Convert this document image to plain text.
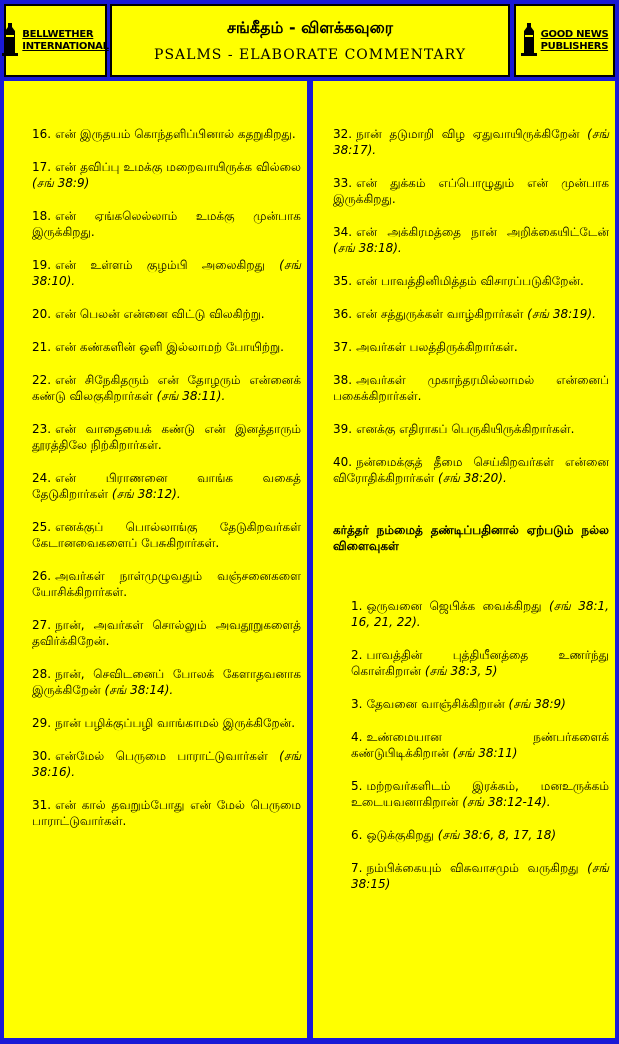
BELLWETHER
INTERNATIONAL
சங்கீதம் - விளக்கவுரை
PSALMS - ELABORATE COMMENTARY
GOOD NEWS
PUBLISHERS
16. என் இருதயம் கொந்தளிப்பினால் கதறுகிறது.
17. என் தவிப்பு உமக்கு மறைவாயிருக்க வில்லை (சங் 38:9)
18. என் ஏங்கலெல்லாம் உமக்கு முன்பாக இருக்கிறது.
19. என் உள்ளம் குழம்பி அலைகிறது (சங் 38:10).
20. என் பெலன் என்னை விட்டு விலகிற்று.
21. என் கண்களின் ஒளி இல்லாமற் போயிற்று.
22. என் சிநேகிதரும் என் தோழரும் என்னைக் கண்டு விலகுகிறார்கள் (சங் 38:11).
23. என் வாதையைக் கண்டு என் இனத்தாரும் தூரத்திலே நிற்கிறார்கள்.
24. என் பிராணனை வாங்க வகைத் தேடுகிறார்கள் (சங் 38:12).
25. எனக்குப் பொல்லாங்கு தேடுகிறவர்கள் கேடானவைகளைப் பேசுகிறார்கள்.
26. அவர்கள் நாள்முழுவதும் வஞ்சனைகளை யோசிக்கிறார்கள்.
27. நான், அவர்கள் சொல்லும் அவதூறுகளைத் தவிர்க்கிறேன்.
28. நான், செவிடனைப் போலக் கேளாதவனாக இருக்கிறேன் (சங் 38:14).
29. நான் பழிக்குப்பழி வாங்காமல் இருக்கிறேன்.
30. என்மேல் பெருமை பாராட்டுவார்கள் (சங் 38:16).
31. என் கால் தவறும்போது என் மேல் பெருமை பாராட்டுவார்கள்.
32. நான் தடுமாறி விழ ஏதுவாயிருக்கிறேன் (சங் 38:17).
33. என் துக்கம் எப்பொழுதும் என் முன்பாக இருக்கிறது.
34. என் அக்கிரமத்தை நான் அறிக்கையிட்டேன் (சங் 38:18).
35. என் பாவத்தினிமித்தம் விசாரப்படுகிறேன்.
36. என் சத்துருக்கள் வாழ்கிறார்கள் (சங் 38:19).
37. அவர்கள் பலத்திருக்கிறார்கள்.
38. அவர்கள் முகாந்தரமில்லாமல் என்னைப் பகைக்கிறார்கள்.
39. எனக்கு எதிராகப் பெருகியிருக்கிறார்கள்.
40. நன்மைக்குத் தீமை செய்கிறவர்கள் என்னை விரோதிக்கிறார்கள் (சங் 38:20).
கர்த்தர் நம்மைத் தண்டிப்பதினால் ஏற்படும் நல்ல விளைவுகள்
1. ஒருவனை ஜெபிக்க வைக்கிறது (சங் 38:1, 16, 21, 22).
2. பாவத்தின் புத்தியீனத்தை உணர்ந்து கொள்கிறான் (சங் 38:3, 5)
3. தேவனை வாஞ்சிக்கிறான் (சங் 38:9)
4. உண்மையான நண்பர்களைக் கண்டுபிடிக்கிறான் (சங் 38:11)
5. மற்றவர்களிடம் இரக்கம், மனஉருக்கம் உடையவனாகிறான் (சங் 38:12-14).
6. ஒடுக்குகிறது (சங் 38:6, 8, 17, 18)
7. நம்பிக்கையும் விசுவாசமும் வருகிறது (சங் 38:15)
